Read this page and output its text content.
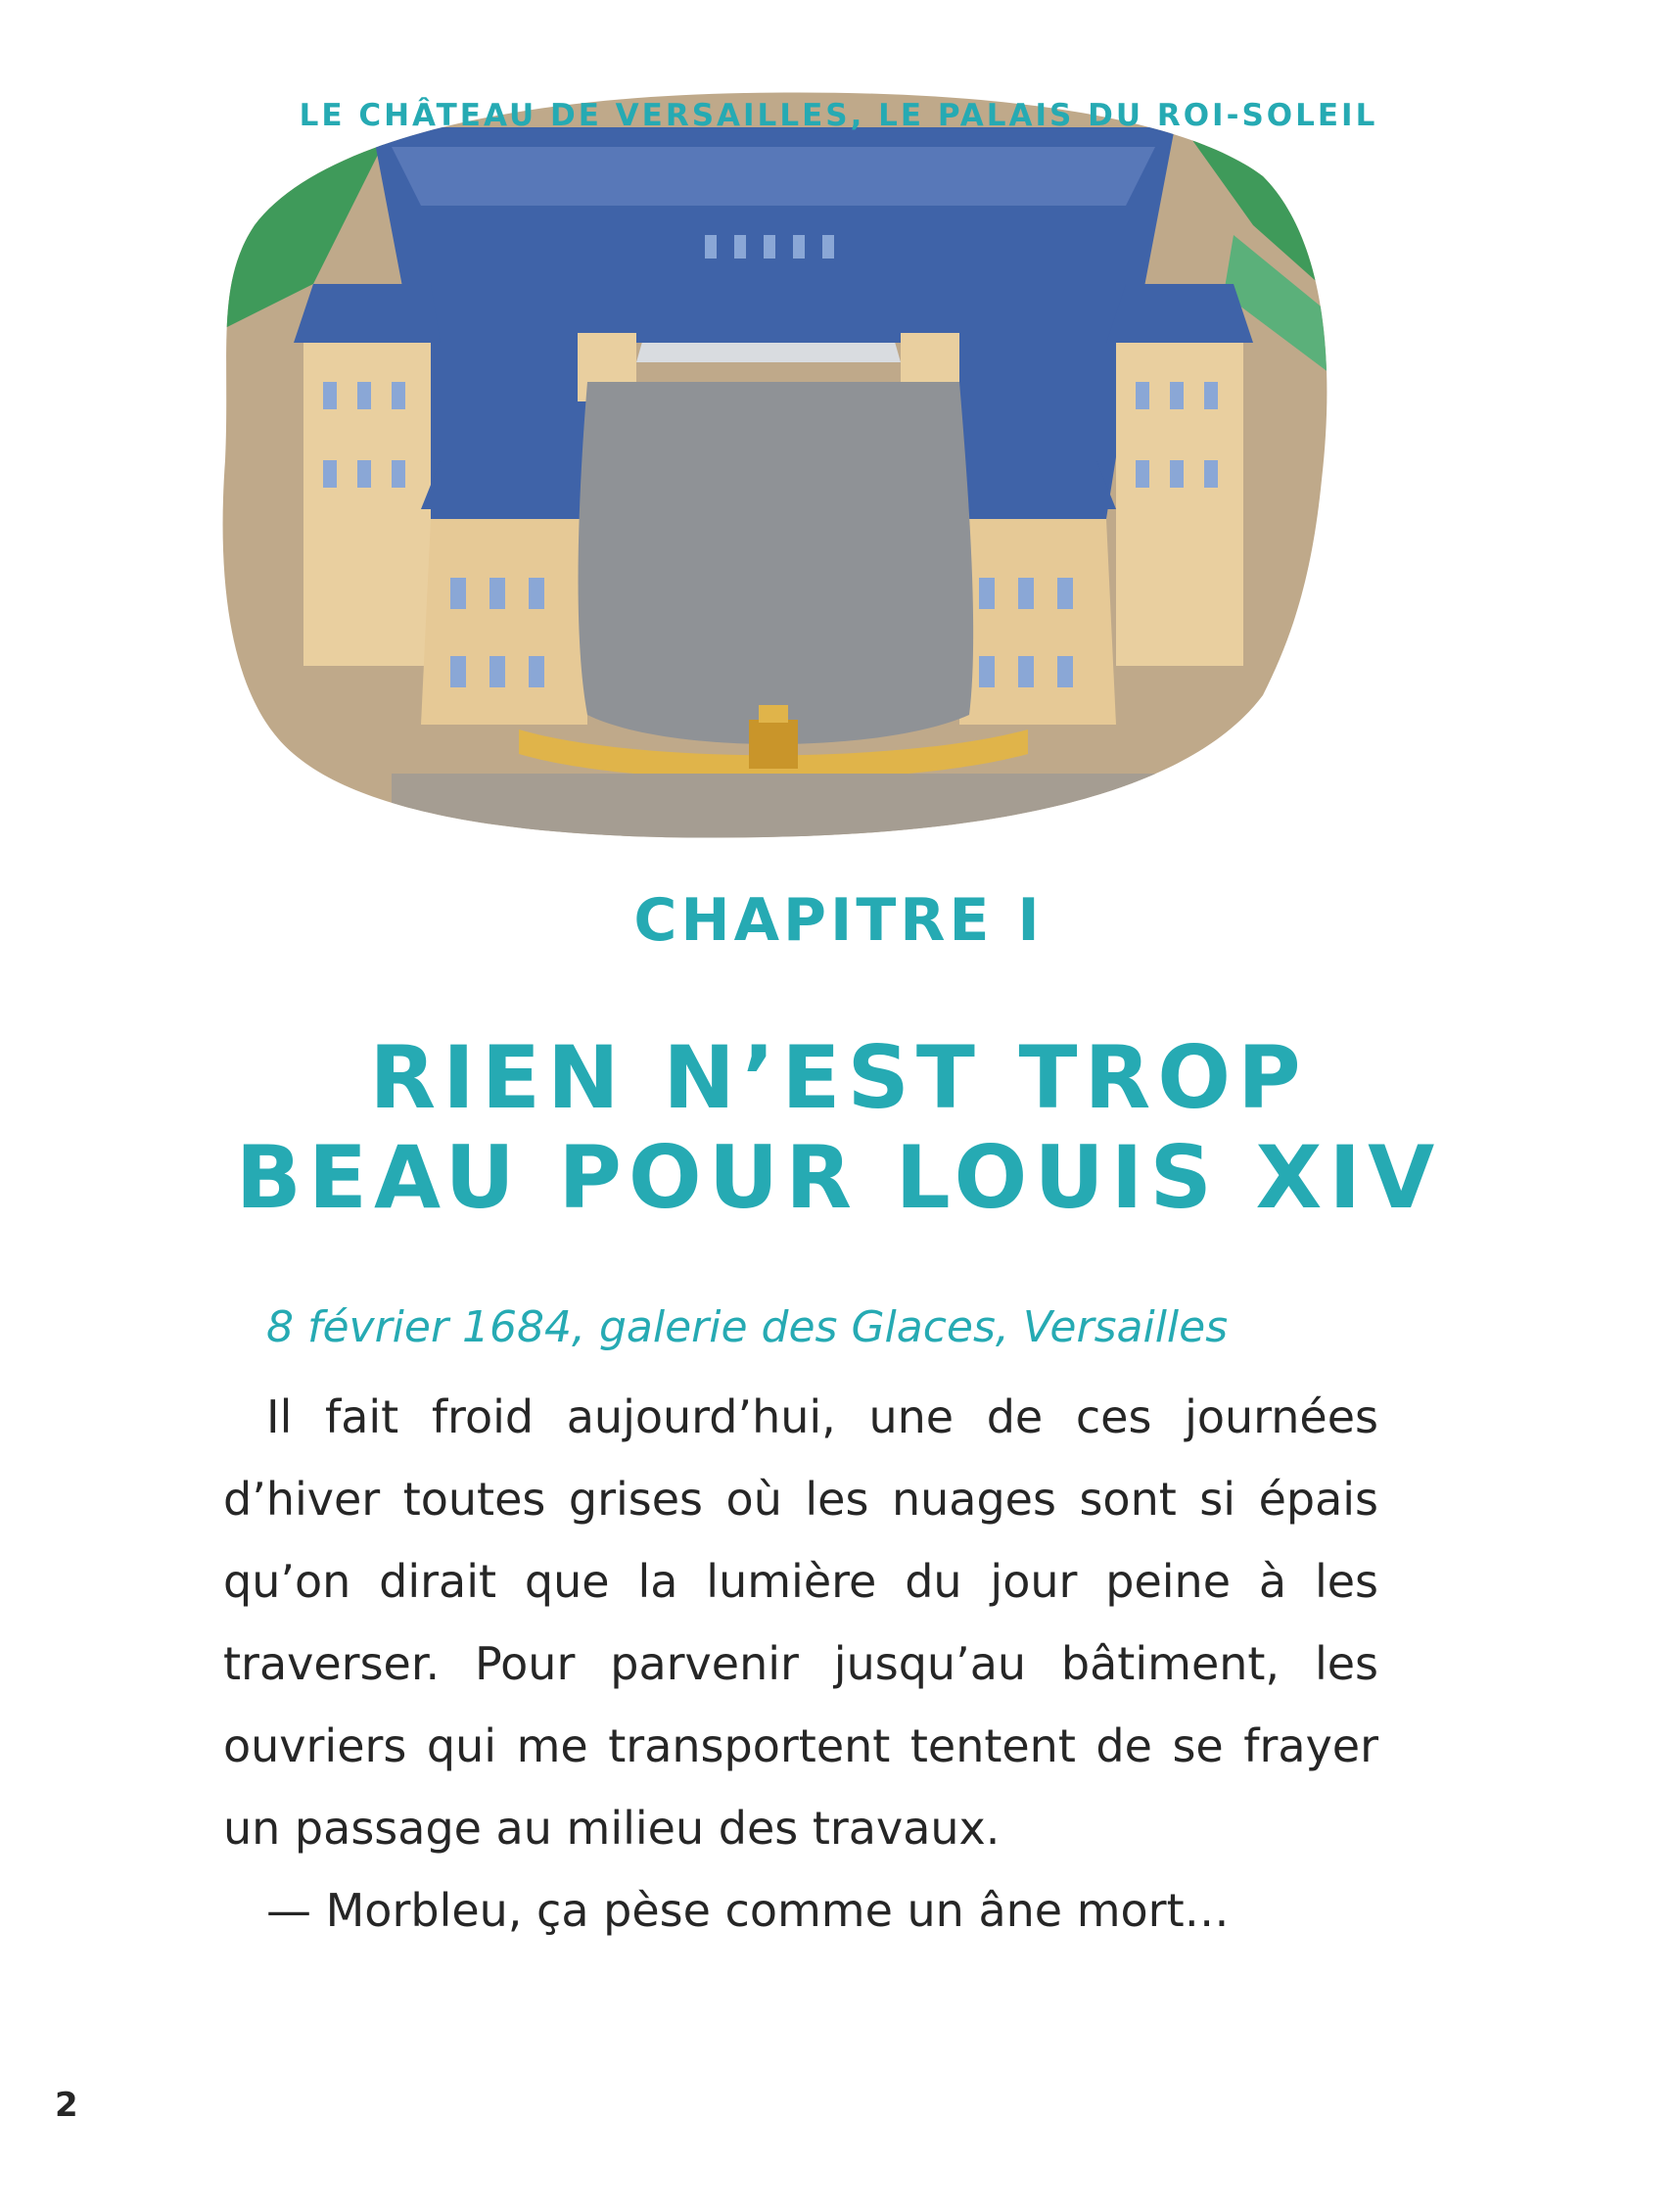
LE CHÂTEAU DE VERSAILLES, LE PALAIS DU ROI-SOLEIL
CHAPITRE I
RIEN N’EST TROP
BEAU POUR LOUIS XIV
8 février 1684, galerie des Glaces, Versailles

Il fait froid aujourd’hui, une de ces journées d’hiver toutes grises où les nuages sont si épais qu’on dirait que la lumière du jour peine à les traverser. Pour parvenir jusqu’au bâtiment, les ouvriers qui me transportent tentent de se frayer un passage au milieu des travaux.

— Morbleu, ça pèse comme un âne mort…

2
